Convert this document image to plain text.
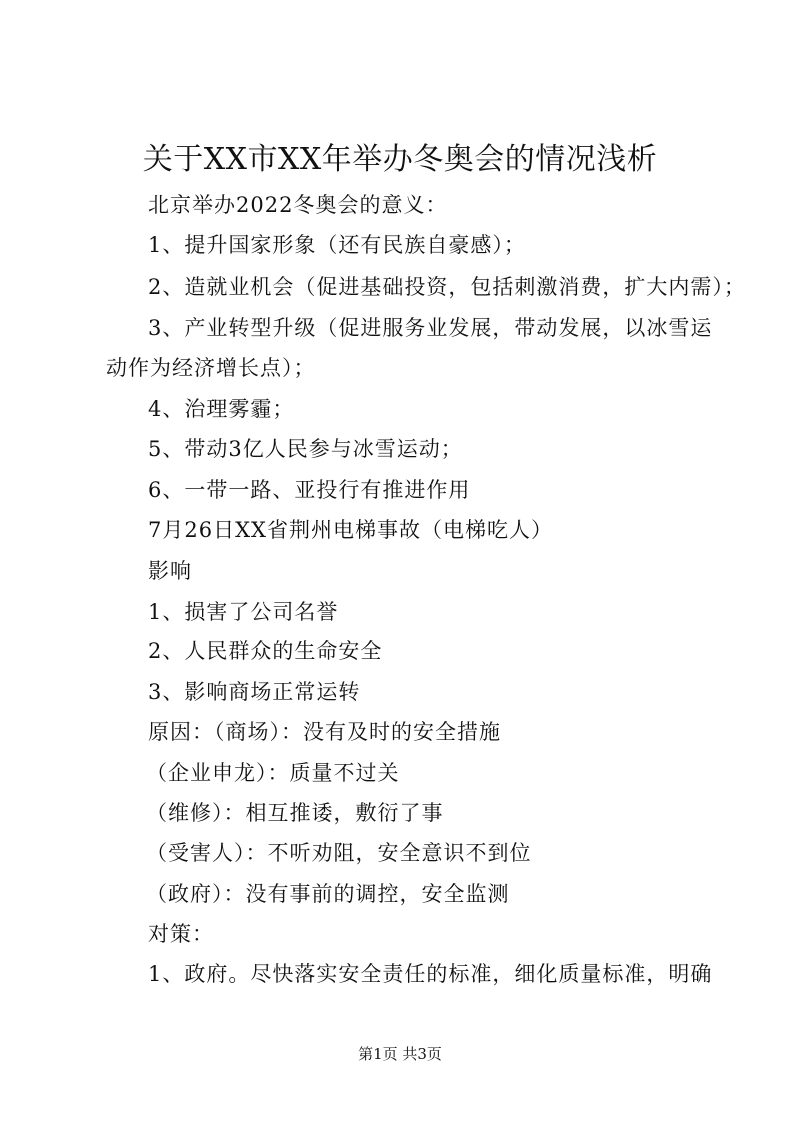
关于XX市XX年举办冬奥会的情况浅析
北京举办2022冬奥会的意义：
1、提升国家形象（还有民族自豪感）；
2、造就业机会（促进基础投资，包括刺激消费，扩大内需）；
3、产业转型升级（促进服务业发展，带动发展，以冰雪运
动作为经济增长点）；
4、治理雾霾；
5、带动3亿人民参与冰雪运动；
6、一带一路、亚投行有推进作用
7月26日XX省荆州电梯事故（电梯吃人）
影响
1、损害了公司名誉
2、人民群众的生命安全
3、影响商场正常运转
原因：（商场）：没有及时的安全措施
（企业申龙）：质量不过关
（维修）：相互推诿，敷衍了事
（受害人）：不听劝阻，安全意识不到位
（政府）：没有事前的调控，安全监测
对策：
1、政府。尽快落实安全责任的标准，细化质量标准，明确
第1页 共3页
